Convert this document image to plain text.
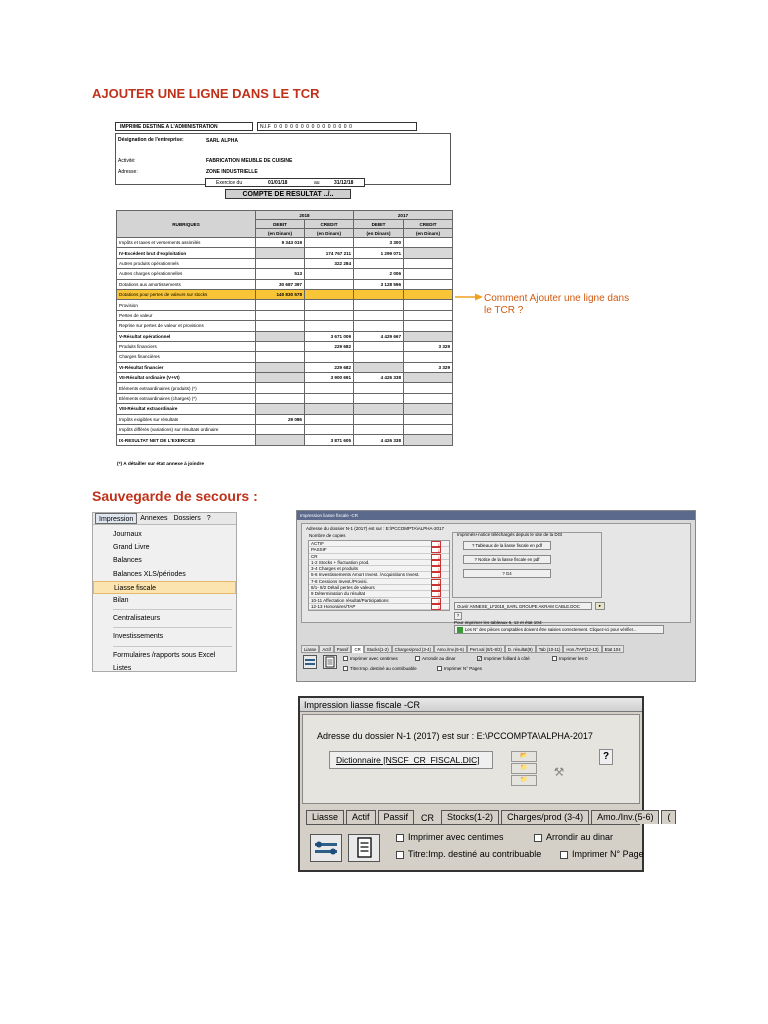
AJOUTER UNE LIGNE DANS LE TCR
IMPRIME DESTINE A L'ADMINISTRATION	N.I.F 0 0 0 0 0 0 0 0 0 0 0 0 0 0 0
Désignation de l'entreprise:	SARL ALPHA
Activité:	FABRICATION MEUBLE DE CUISINE
Adresse:	ZONE INDUSTRIELLE
Exercice du	01/01/18	au	31/12/18
COMPTE DE RESULTAT ../..
RUBRIQUES	2018		2017	
	DEBIT	CREDIT	DEBIT	CREDIT
	(en Dinars)	(en Dinars)	(en Dinars)	(en Dinars)
Impôts et taxes et versements assimilés	9 343 019		3 300	
IV-Excédent brut d'exploitation		174 767 211	1 299 071	
Autres produits opérationnels		322 284		
Autres charges opérationnelles	513		2 006	
Dotations aux amortissements	30 687 397		3 128 596	
Dotations pour pertes de valeurs sur stocks	140 830 578			
Provision				
Pertes de valeur				
Reprise sur pertes de valeur et provisions				
V-Résultat opérationnel		3 671 009	4 429 667	
Produits financiers		229 682		3 329
Charges financières				
VI-Résultat financier		229 682		3 329
VII-Résultat ordinaire (V+VI)		3 900 691	4 426 338	
Eléments extraordinaires (produits) (*)				
Eléments extraordinaires (charges) (*)				
VIII-Résultat extraordinaire				
Impôts exigibles sur résultats	29 086			
Impôts différés (variations) sur résultats ordinaire				
IX-RESULTAT NET DE L'EXERCICE		3 871 605	4 426 338	
(*) A détailler sur état annexe à joindre
Comment Ajouter une ligne dans le TCR ?
Sauvegarde de secours :
Impression	Annexes Dossiers ?
Journaux
Grand Livre
Balances
Balances XLS/périodes
Liasse fiscale
Bilan
Centralisateurs
Investissements
Formulaires /rapports sous Excel
Listes
Impression liasse fiscale -CR
Adresse du dossier N-1 (2017) est sur : E:\PCCOMPTA\ALPHA-2017
Nombre de copies
ACTIF	1
PASSIF	1
CR	1
1-2 Stocks + fluctuation prod.	1
3-4 Charges et produits	1
5-6 Investissements Amort Invest. /Acquisitions Invest.	1
7-8 Cessions Invest./Provisi.	1
8/1- 8/2 Détail pertes de valeurs	1
9 Détermination du résultat	1
10-11 Affectation résultat/Participations	1
12-13 Honoraires/TAP	1
Imprimés+notice téléchargés depuis le site de la DGI
? Tableaux de la liasse fiscale en pdf
? Notice de la liasse fiscale en pdf
? G4
Ouvrir ANNEXE_LF2018_SARL GROUPE AKRAM CABLE.DOC	▸
?
Pour imprimer les tableaux 6, 12 et état 104:
Les N° des pièces comptables doivent être saisies correctement. Cliquez-ici pour vérifier...
Liasse	Actif	Passif	CR	Stocks(1-2)	Charges/prod (3-4)	Amo./Inv.(5-6)	Pert.val (8/1-8/2)	D. résultat(9)	Tab (10-11)	Hon./TAP(12-13)	Etat 104
Imprimer avec centimes	Arrondir au dinar	✓ Imprimer folliard à côté	Imprimer les 0
Titre:Imp. destiné au contribuable	Imprimer N° Pages
Impression liasse fiscale -CR
Adresse du dossier N-1 (2017) est sur : E:\PCCOMPTA\ALPHA-2017
Dictionnaire [NSCF_CR_FISCAL.DIC]	📂
📁
📁
⚒
?
Liasse	Actif	Passif	CR	Stocks(1-2)	Charges/prod (3-4)	Amo./Inv.(5-6)	(
Imprimer avec centimes	Arrondir au dinar
Titre:Imp. destiné au contribuable	Imprimer N° Page
